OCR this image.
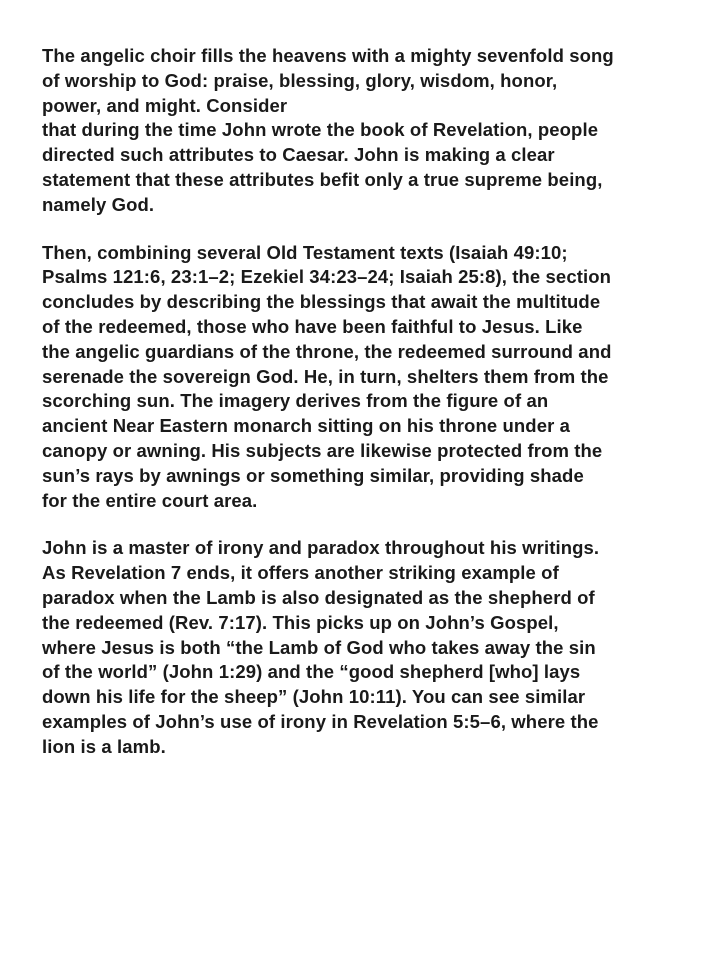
The angelic choir fills the heavens with a mighty sevenfold song
of worship to God: praise, blessing, glory, wisdom, honor,
power, and might. Consider
that during the time John wrote the book of Revelation, people
directed such attributes to Caesar. John is making a clear
statement that these attributes befit only a true supreme being,
namely God.

Then, combining several Old Testament texts (Isaiah 49:10;
Psalms 121:6, 23:1–2; Ezekiel 34:23–24; Isaiah 25:8), the section
concludes by describing the blessings that await the multitude
of the redeemed, those who have been faithful to Jesus. Like
the angelic guardians of the throne, the redeemed surround and
serenade the sovereign God. He, in turn, shelters them from the
scorching sun. The imagery derives from the figure of an
ancient Near Eastern monarch sitting on his throne under a
canopy or awning. His subjects are likewise protected from the
sun’s rays by awnings or something similar, providing shade
for the entire court area.

John is a master of irony and paradox throughout his writings.
As Revelation 7 ends, it offers another striking example of
paradox when the Lamb is also designated as the shepherd of
the redeemed (Rev. 7:17). This picks up on John’s Gospel,
where Jesus is both “the Lamb of God who takes away the sin
of the world” (John 1:29) and the “good shepherd [who] lays
down his life for the sheep” (John 10:11). You can see similar
examples of John’s use of irony in Revelation 5:5–6, where the
lion is a lamb.
